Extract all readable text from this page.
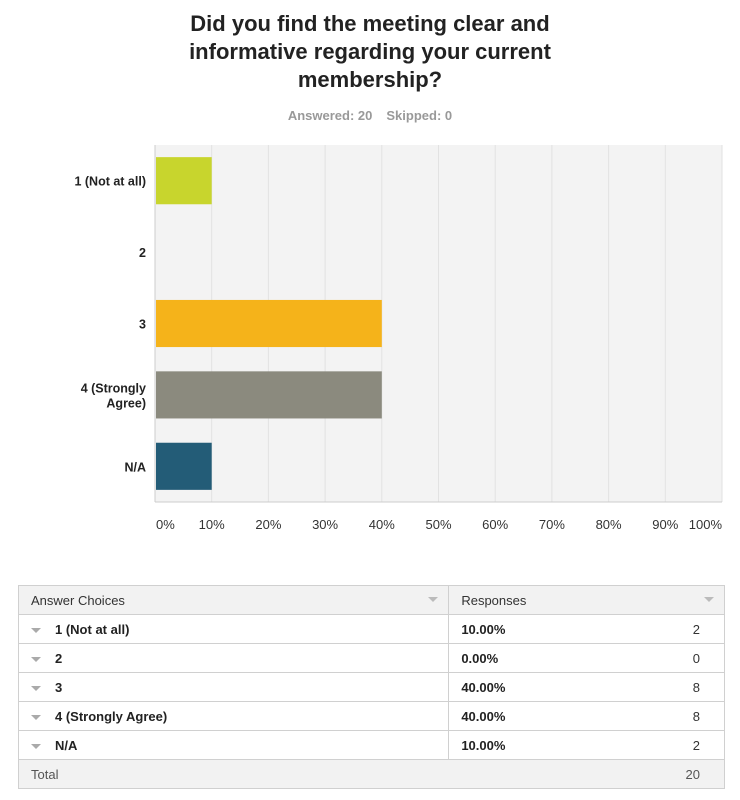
Did you find the meeting clear and
informative regarding your current
membership?
Answered: 20 Skipped: 0
1 (Not at all)
2
3
4 (Strongly
Agree)
N/A
0% 10% 20% 30% 40% 50% 60% 70% 80% 90% 100%
Answer Choices	Responses	

1 (Not at all)	10.00%	2
2	0.00%	0
3	40.00%	8
4 (Strongly Agree)	40.00%	8
N/A	10.00%	2
Total		20
